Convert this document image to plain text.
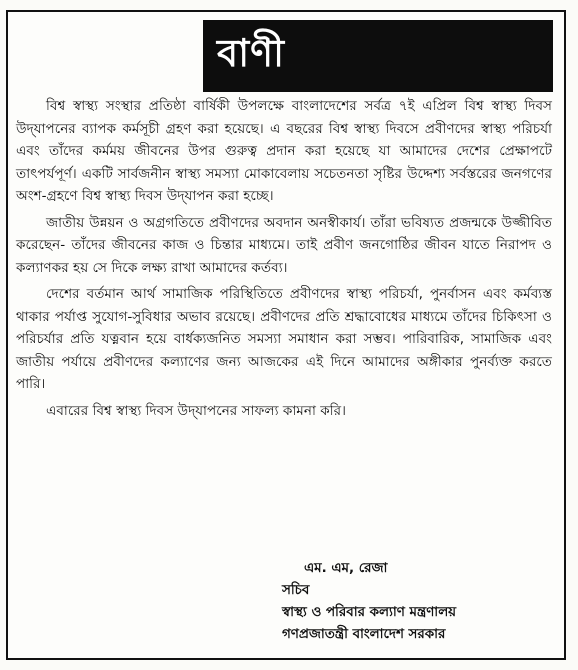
বাণী

বিশ্ব স্বাস্থ্য সংস্থার প্রতিষ্ঠা বার্ষিকী উপলক্ষে বাংলাদেশের সর্বত্র ৭ই এপ্রিল বিশ্ব স্বাস্থ্য দিবস উদ্‌যাপনের ব্যাপক কর্মসূচী গ্রহণ করা হয়েছে। এ বছরের বিশ্ব স্বাস্থ্য দিবসে প্রবীণদের স্বাস্থ্য পরিচর্যা এবং তাঁদের কর্মময় জীবনের উপর গুরুত্ব প্রদান করা হয়েছে যা আমাদের দেশের প্রেক্ষাপটে তাৎপর্যপূর্ণ। একটি সার্বজনীন স্বাস্থ্য সমস্যা মোকাবেলায় সচেতনতা সৃষ্টির উদ্দেশ্য সর্বস্তরের জনগণের অংশ-গ্রহণে বিশ্ব স্বাস্থ্য দিবস উদ্‌যাপন করা হচ্ছে।

জাতীয় উন্নয়ন ও অগ্রগতিতে প্রবীণদের অবদান অনস্বীকার্য। তাঁরা ভবিষ্যত প্রজন্মকে উজ্জীবিত করেছেন- তাঁদের জীবনের কাজ ও চিন্তার মাধ্যমে। তাই প্রবীণ জনগোষ্ঠির জীবন যাতে নিরাপদ ও কল্যাণকর হয় সে দিকে লক্ষ্য রাখা আমাদের কর্তব্য।

দেশের বর্তমান আর্থ সামাজিক পরিস্থিতিতে প্রবীণদের স্বাস্থ্য পরিচর্যা, পুনর্বাসন এবং কর্মব্যস্ত থাকার পর্যাপ্ত সুযোগ-সুবিধার অভাব রয়েছে। প্রবীণদের প্রতি শ্রদ্ধাবোধের মাধ্যমে তাঁদের চিকিৎসা ও পরিচর্যার প্রতি যত্নবান হয়ে বার্ধক্যজনিত সমস্যা সমাধান করা সম্ভব। পারিবারিক, সামাজিক এবং জাতীয় পর্যায়ে প্রবীণদের কল্যাণের জন্য আজকের এই দিনে আমাদের অঙ্গীকার পুনর্ব্যক্ত করতে পারি।

এবারের বিশ্ব স্বাস্থ্য দিবস উদ্‌যাপনের সাফল্য কামনা করি।

এম. এম, রেজা
সচিব
স্বাস্থ্য ও পরিবার কল্যাণ মন্ত্রণালয়
গণপ্রজাতন্ত্রী বাংলাদেশ সরকার
